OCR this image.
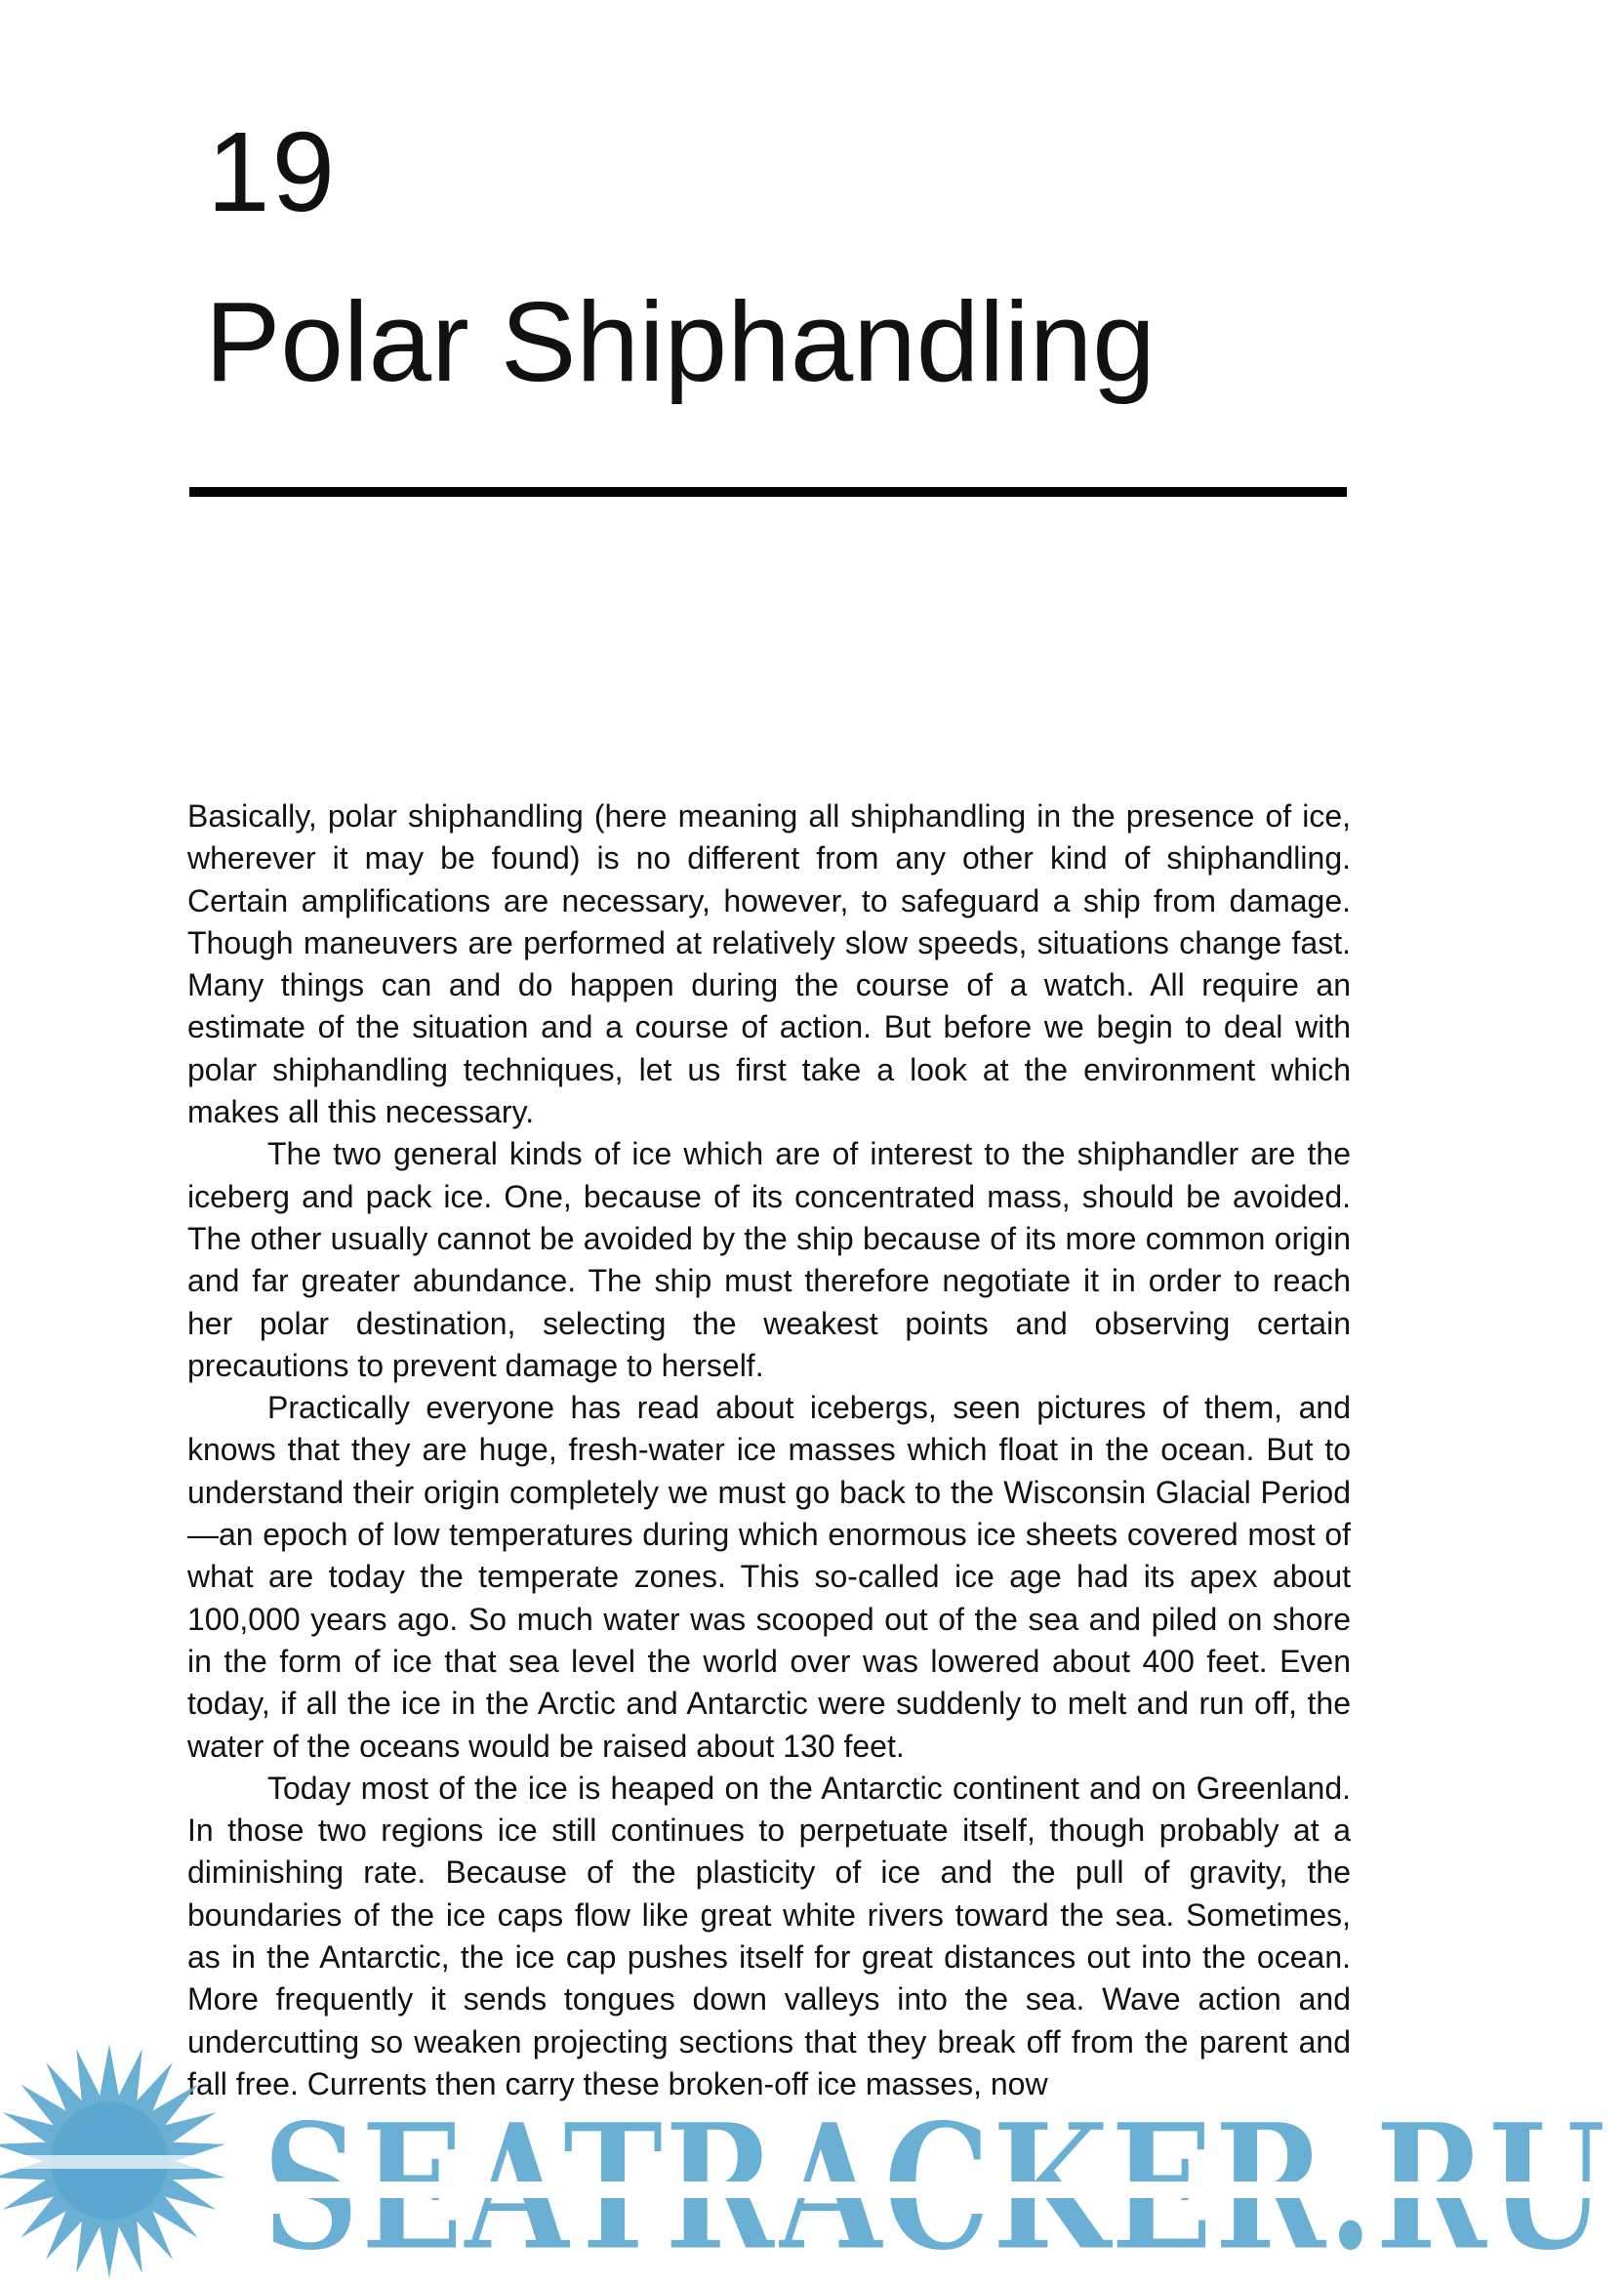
19
Polar Shiphandling

Basically, polar shiphandling (here meaning all shiphandling in the presence of ice, wherever it may be found) is no different from any other kind of shiphandling. Certain amplifications are necessary, however, to safeguard a ship from damage. Though maneuvers are performed at relatively slow speeds, situations change fast. Many things can and do happen during the course of a watch. All require an estimate of the situation and a course of action. But before we begin to deal with polar shiphandling techniques, let us first take a look at the environment which makes all this necessary.

The two general kinds of ice which are of interest to the shiphandler are the iceberg and pack ice. One, because of its concentrated mass, should be avoided. The other usually cannot be avoided by the ship because of its more common origin and far greater abundance. The ship must therefore negotiate it in order to reach her polar destination, selecting the weakest points and observing certain precautions to prevent damage to herself.

Practically everyone has read about icebergs, seen pictures of them, and knows that they are huge, fresh-water ice masses which float in the ocean. But to understand their origin completely we must go back to the Wisconsin Glacial Period—an epoch of low temperatures during which enormous ice sheets covered most of what are today the temperate zones. This so-called ice age had its apex about 100,000 years ago. So much water was scooped out of the sea and piled on shore in the form of ice that sea level the world over was lowered about 400 feet. Even today, if all the ice in the Arctic and Antarctic were suddenly to melt and run off, the water of the oceans would be raised about 130 feet.

Today most of the ice is heaped on the Antarctic continent and on Greenland. In those two regions ice still continues to perpetuate itself, though probably at a diminishing rate. Because of the plasticity of ice and the pull of gravity, the boundaries of the ice caps flow like great white rivers toward the sea. Sometimes, as in the Antarctic, the ice cap pushes itself for great distances out into the ocean. More frequently it sends tongues down valleys into the sea. Wave action and undercutting so weaken projecting sections that they break off from the parent and fall free. Currents then carry these broken-off ice masses, now

SEATRACKER.RU
